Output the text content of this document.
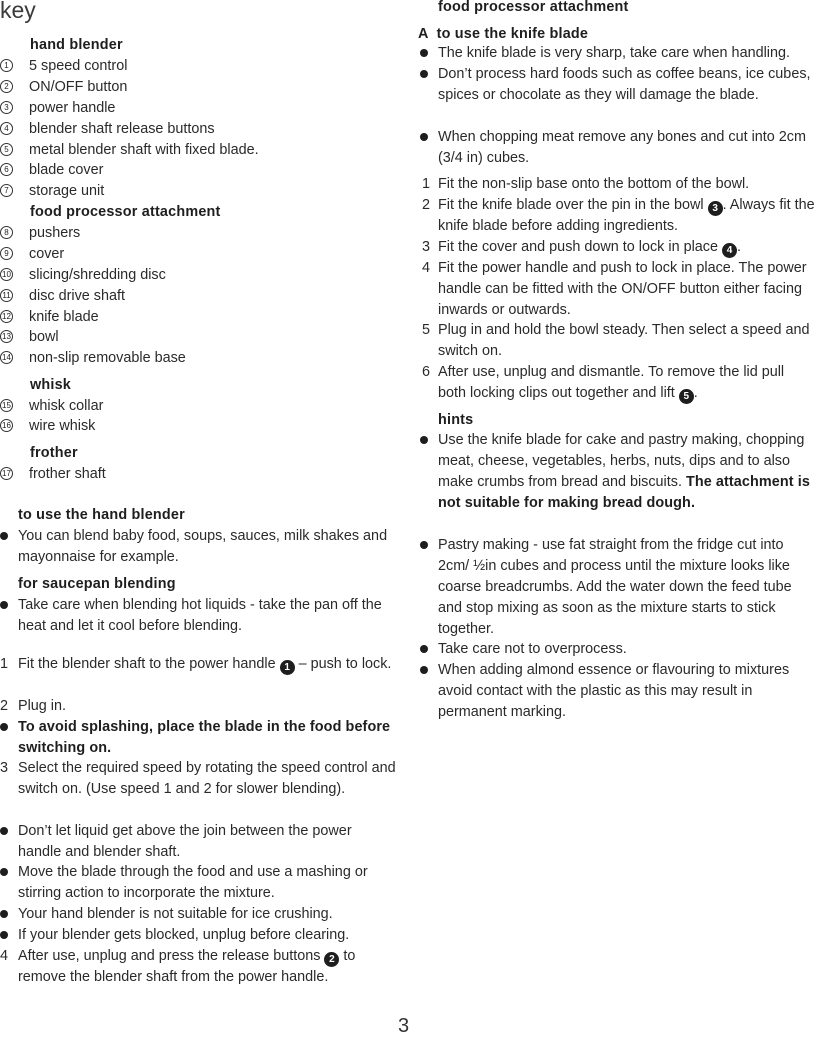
key
hand blender
1 5 speed control
2 ON/OFF button
3 power handle
4 blender shaft release buttons
5 metal blender shaft with fixed blade.
6 blade cover
7 storage unit
food processor attachment
8 pushers
9 cover
10 slicing/shredding disc
11 disc drive shaft
12 knife blade
13 bowl
14 non-slip removable base
whisk
15 whisk collar
16 wire whisk
frother
17 frother shaft
to use the hand blender
You can blend baby food, soups, sauces, milk shakes and mayonnaise for example.
for saucepan blending
Take care when blending hot liquids - take the pan off the heat and let it cool before blending.
1 Fit the blender shaft to the power handle 1 – push to lock.
2 Plug in.
To avoid splashing, place the blade in the food before switching on.
3 Select the required speed by rotating the speed control and switch on. (Use speed 1 and 2 for slower blending).
Don’t let liquid get above the join between the power handle and blender shaft.
Move the blade through the food and use a mashing or stirring action to incorporate the mixture.
Your hand blender is not suitable for ice crushing.
If your blender gets blocked, unplug before clearing.
4 After use, unplug and press the release buttons 2 to remove the blender shaft from the power handle.
food processor attachment
A to use the knife blade
The knife blade is very sharp, take care when handling.
Don’t process hard foods such as coffee beans, ice cubes, spices or chocolate as they will damage the blade.
When chopping meat remove any bones and cut into 2cm (3/4 in) cubes.
1 Fit the non-slip base onto the bottom of the bowl.
2 Fit the knife blade over the pin in the bowl 3 . Always fit the knife blade before adding ingredients.
3 Fit the cover and push down to lock in place 4 .
4 Fit the power handle and push to lock in place. The power handle can be fitted with the ON/OFF button either facing inwards or outwards.
5 Plug in and hold the bowl steady. Then select a speed and switch on.
6 After use, unplug and dismantle. To remove the lid pull both locking clips out together and lift 5 .
hints
Use the knife blade for cake and pastry making, chopping meat, cheese, vegetables, herbs, nuts, dips and to also make crumbs from bread and biscuits. The attachment is not suitable for making bread dough.
Pastry making - use fat straight from the fridge cut into 2cm/ ½in cubes and process until the mixture looks like coarse breadcrumbs. Add the water down the feed tube and stop mixing as soon as the mixture starts to stick together.
Take care not to overprocess.
When adding almond essence or flavouring to mixtures avoid contact with the plastic as this may result in permanent marking.
3
